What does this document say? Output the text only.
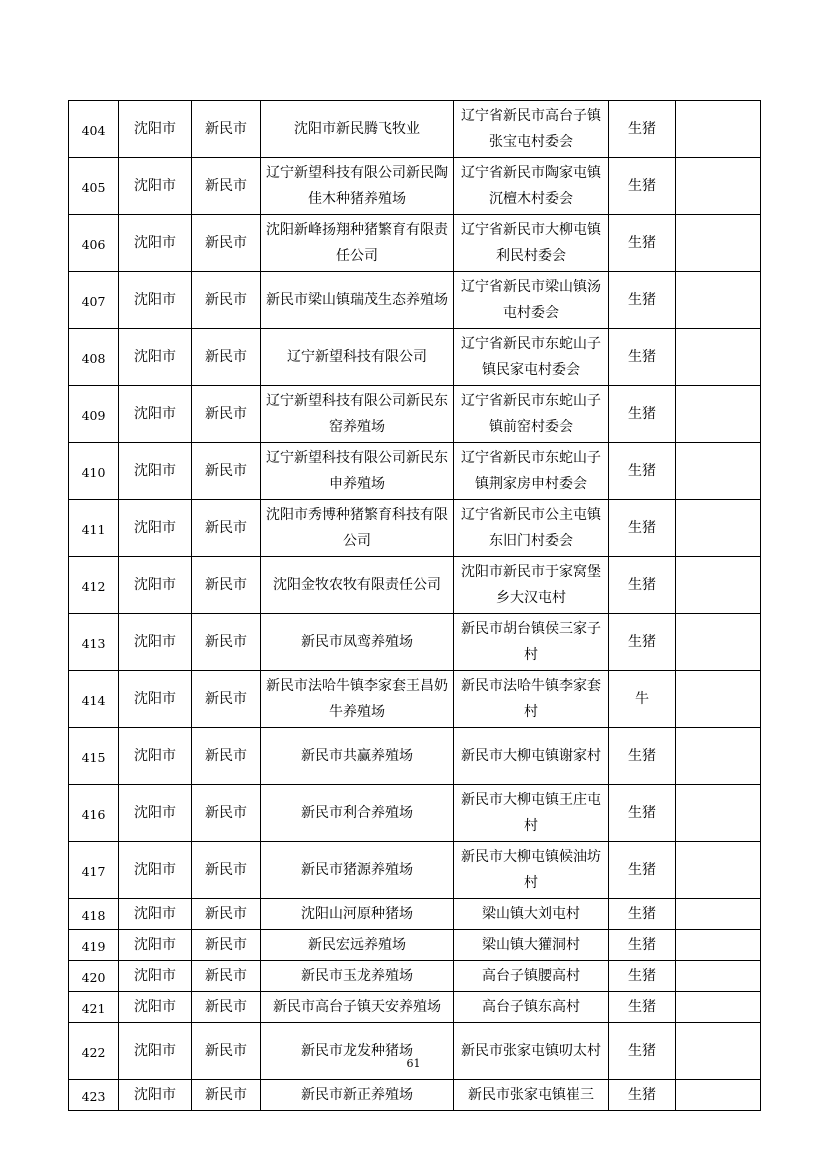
404	沈阳市	新民市	沈阳市新民腾飞牧业	辽宁省新民市高台子镇张宝屯村委会	生猪	
405	沈阳市	新民市	辽宁新望科技有限公司新民陶佳木种猪养殖场	辽宁省新民市陶家屯镇沉檀木村委会	生猪	
406	沈阳市	新民市	沈阳新峰扬翔种猪繁育有限责任公司	辽宁省新民市大柳屯镇利民村委会	生猪	
407	沈阳市	新民市	新民市梁山镇瑞茂生态养殖场	辽宁省新民市梁山镇汤屯村委会	生猪	
408	沈阳市	新民市	辽宁新望科技有限公司	辽宁省新民市东蛇山子镇民家屯村委会	生猪	
409	沈阳市	新民市	辽宁新望科技有限公司新民东窑养殖场	辽宁省新民市东蛇山子镇前窑村委会	生猪	
410	沈阳市	新民市	辽宁新望科技有限公司新民东申养殖场	辽宁省新民市东蛇山子镇荆家房申村委会	生猪	
411	沈阳市	新民市	沈阳市秀博种猪繁育科技有限公司	辽宁省新民市公主屯镇东旧门村委会	生猪	
412	沈阳市	新民市	沈阳金牧农牧有限责任公司	沈阳市新民市于家窝堡乡大汉屯村	生猪	
413	沈阳市	新民市	新民市凤鸾养殖场	新民市胡台镇侯三家子村	生猪	
414	沈阳市	新民市	新民市法哈牛镇李家套王昌奶牛养殖场	新民市法哈牛镇李家套村	牛	
415	沈阳市	新民市	新民市共赢养殖场	新民市大柳屯镇谢家村	生猪	
416	沈阳市	新民市	新民市利合养殖场	新民市大柳屯镇王庄屯村	生猪	
417	沈阳市	新民市	新民市猪源养殖场	新民市大柳屯镇候油坊村	生猪	
418	沈阳市	新民市	沈阳山河原种猪场	梁山镇大刘屯村	生猪	
419	沈阳市	新民市	新民宏远养殖场	梁山镇大獾洞村	生猪	
420	沈阳市	新民市	新民市玉龙养殖场	高台子镇腰高村	生猪	
421	沈阳市	新民市	新民市高台子镇天安养殖场	高台子镇东高村	生猪	
422	沈阳市	新民市	新民市龙发种猪场	新民市张家屯镇叨太村	生猪	
423	沈阳市	新民市	新民市新正养殖场	新民市张家屯镇崔三	生猪	
61
